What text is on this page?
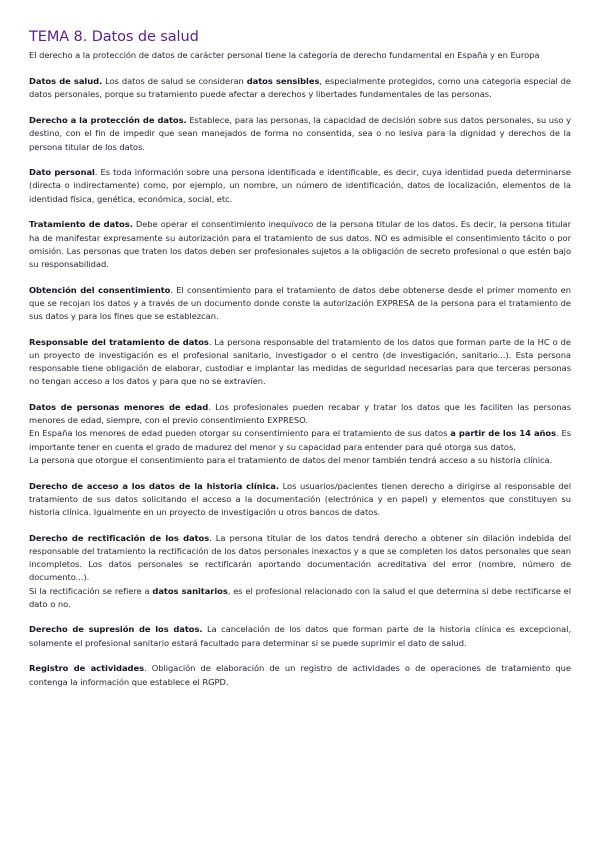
TEMA 8. Datos de salud

El derecho a la protección de datos de carácter personal tiene la categoría de derecho fundamental en España y en Europa

Datos de salud. Los datos de salud se consideran datos sensibles, especialmente protegidos, como una categoria especial de datos personales, porque su tratamiento puede afectar a derechos y libertades fundamentales de las personas.

Derecho a la protección de datos. Establece, para las personas, la capacidad de decisión sobre sus datos personales, su uso y destino, con el fin de impedir que sean manejados de forma no consentida, sea o no lesiva para la dignidad y derechos de la persona titular de los datos.

Dato personal. Es toda información sobre una persona identificada e identificable, es decir, cuya identidad pueda determinarse (directa o indirectamente) como, por ejemplo, un nombre, un número de identificación, datos de localización, elementos de la identidad física, genética, económica, social, etc.

Tratamiento de datos. Debe operar el consentimiento inequívoco de la persona titular de los datos. Es decir, la persona titular ha de manifestar expresamente su autorización para el tratamiento de sus datos. NO es admisible el consentimiento tácito o por omisión. Las personas que traten los datos deben ser profesionales sujetos a la obligación de secreto profesional o que estén bajo su responsabilidad.

Obtención del consentimiento. El consentimiento para el tratamiento de datos debe obtenerse desde el primer momento en que se recojan los datos y a través de un documento donde conste la autorización EXPRESA de la persona para el tratamiento de sus datos y para los fines que se establezcan.

Responsable del tratamiento de datos. La persona responsable del tratamiento de los datos que forman parte de la HC o de un proyecto de investigación es el profesional sanitario, investigador o el centro (de investigación, sanitario...). Esta persona responsable tiene obligación de elaborar, custodiar e implantar las medidas de seguridad necesarias para que terceras personas no tengan acceso a los datos y para que no se extravíen.

Datos de personas menores de edad. Los profesionales pueden recabar y tratar los datos que les faciliten las personas menores de edad, siempre, con el previo consentimiento EXPRESO.

En España los menores de edad pueden otorgar su consentimiento para el tratamiento de sus datos a partir de los 14 años. Es importante tener en cuenta el grado de madurez del menor y su capacidad para entender para qué otorga sus datos.

La persona que otorgue el consentimiento para el tratamiento de datos del menor también tendrá acceso a su historia clínica.

Derecho de acceso a los datos de la historia clínica. Los usuarios/pacientes tienen derecho a dirigirse al responsable del tratamiento de sus datos solicitando el acceso a la documentación (electrónica y en papel) y elementos que constituyen su historia clínica. Igualmente en un proyecto de investigación u otros bancos de datos.

Derecho de rectificación de los datos. La persona titular de los datos tendrá derecho a obtener sin dilación indebida del responsable del tratamiento la rectificación de los datos personales inexactos y a que se completen los datos personales que sean incompletos. Los datos personales se rectificarán aportando documentación acreditativa del error (nombre, número de documento...).

Si la rectificación se refiere a datos sanitarios, es el profesional relacionado con la salud el que determina si debe rectificarse el dato o no.

Derecho de supresión de los datos. La cancelación de los datos que forman parte de la historia clínica es excepcional, solamente el profesional sanitario estará facultado para determinar si se puede suprimir el dato de salud.

Registro de actividades. Obligación de elaboración de un registro de actividades o de operaciones de tratamiento que contenga la información que establece el RGPD.
